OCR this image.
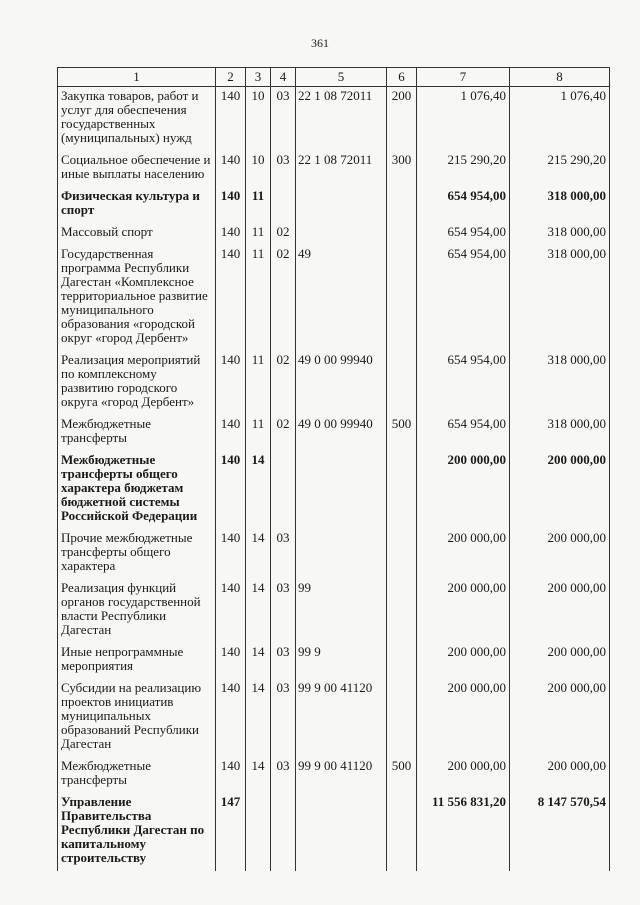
361
1	2	3	4	5	6	7	8
Закупка товаров, работ и услуг для обеспечения государственных (муниципальных) нужд	140	10	03	22 1 08 72011	200	1 076,40	1 076,40
Социальное обеспечение и иные выплаты населению	140	10	03	22 1 08 72011	300	215 290,20	215 290,20
Физическая культура и спорт	140	11				654 954,00	318 000,00
Массовый спорт	140	11	02			654 954,00	318 000,00
Государственная программа Республики Дагестан «Комплексное территориальное развитие муниципального образования «городской округ «город Дербент»	140	11	02	49		654 954,00	318 000,00
Реализация мероприятий по комплексному развитию городского округа «город Дербент»	140	11	02	49 0 00 99940		654 954,00	318 000,00
Межбюджетные трансферты	140	11	02	49 0 00 99940	500	654 954,00	318 000,00
Межбюджетные трансферты общего характера бюджетам бюджетной системы Российской Федерации	140	14				200 000,00	200 000,00
Прочие межбюджетные трансферты общего характера	140	14	03			200 000,00	200 000,00
Реализация функций органов государственной власти Республики Дагестан	140	14	03	99		200 000,00	200 000,00
Иные непрограммные мероприятия	140	14	03	99 9		200 000,00	200 000,00
Субсидии на реализацию проектов инициатив муниципальных образований Республики Дагестан	140	14	03	99 9 00 41120		200 000,00	200 000,00
Межбюджетные трансферты	140	14	03	99 9 00 41120	500	200 000,00	200 000,00
Управление Правительства Республики Дагестан по капитальному строительству	147					11 556 831,20	8 147 570,54
